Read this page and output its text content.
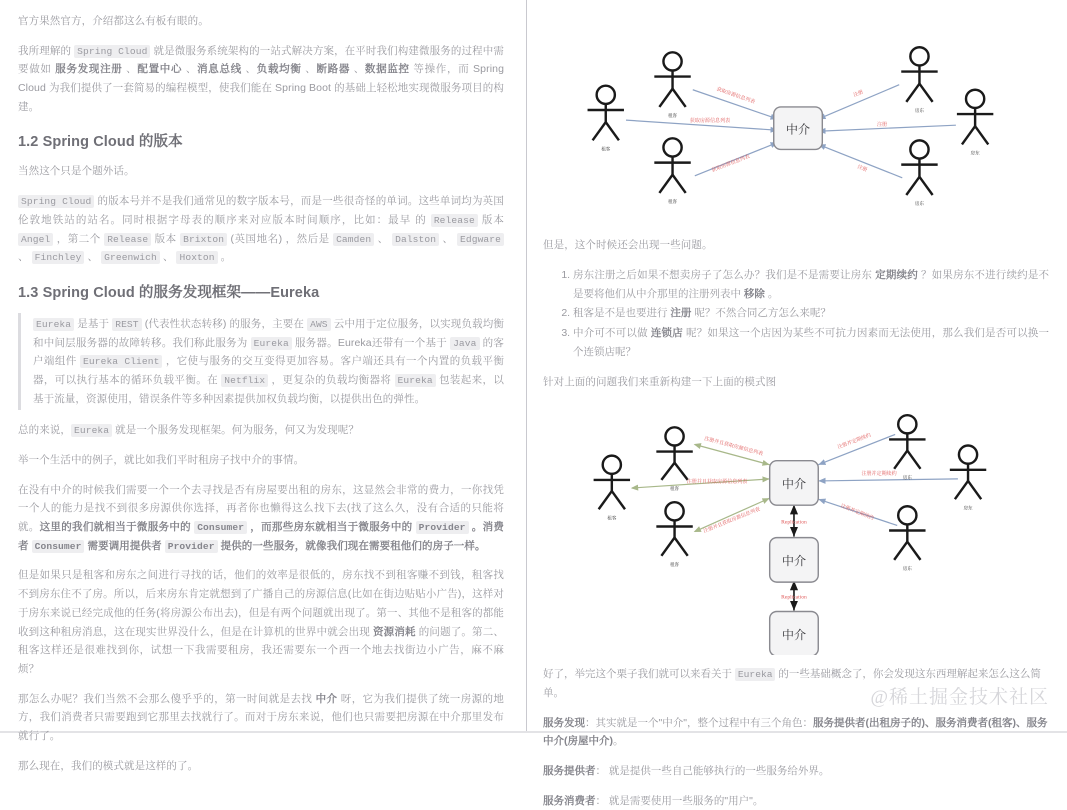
官方果然官方，介绍都这么有板有眼的。

我所理解的 Spring Cloud 就是微服务系统架构的一站式解决方案，在平时我们构建微服务的过程中需要做如 服务发现注册 、配置中心 、消息总线 、负载均衡 、断路器 、数据监控 等操作，而 Spring Cloud 为我们提供了一套简易的编程模型，使我们能在 Spring Boot 的基础上轻松地实现微服务项目的构建。

1.2 Spring Cloud 的版本

当然这个只是个题外话。

Spring Cloud 的版本号并不是我们通常见的数字版本号，而是一些很奇怪的单词。这些单词均为英国伦敦地铁站的站名。同时根据字母表的顺序来对应版本时间顺序，比如：最早 的 Release 版本 Angel ，第二个 Release 版本 Brixton (英国地名) ，然后是 Camden 、 Dalston 、 Edgware 、 Finchley 、 Greenwich 、 Hoxton 。

1.3 Spring Cloud 的服务发现框架——Eureka

Eureka 是基于 REST (代表性状态转移) 的服务，主要在 AWS 云中用于定位服务，以实现负载均衡和中间层服务器的故障转移。我们称此服务为 Eureka 服务器。Eureka还带有一个基于 Java 的客户端组件 Eureka Client ，它使与服务的交互变得更加容易。客户端还具有一个内置的负载平衡器，可以执行基本的循环负载平衡。在 Netflix ，更复杂的负载均衡器将 Eureka 包装起来，以基于流量，资源使用，错误条件等多种因素提供加权负载均衡，以提供出色的弹性。

总的来说， Eureka 就是一个服务发现框架。何为服务，何又为发现呢？

举一个生活中的例子，就比如我们平时租房子找中介的事情。

在没有中介的时候我们需要一个一个去寻找是否有房屋要出租的房东，这显然会非常的费力，一你找凭一个人的能力是找不到很多房源供你选择，再者你也懒得这么找下去(找了这么久，没有合适的只能将就。这里的我们就相当于微服务中的 Consumer ，而那些房东就相当于微服务中的 Provider 。消费者 Consumer 需要调用提供者 Provider 提供的一些服务，就像我们现在需要租他们的房子一样。

但是如果只是租客和房东之间进行寻找的话，他们的效率是很低的，房东找不到租客赚不到钱，租客找不到房东住不了房。所以，后来房东肯定就想到了广播自己的房源信息(比如在街边贴贴小广告)，这样对于房东来说已经完成他的任务(将房源公布出去)，但是有两个问题就出现了。第一、其他不是租客的都能收到这种租房消息，这在现实世界没什么，但是在计算机的世界中就会出现 资源消耗 的问题了。第二、租客这样还是很难找到你，试想一下我需要租房，我还需要东一个西一个地去找街边小广告，麻不麻烦？

那怎么办呢？我们当然不会那么傻乎乎的，第一时间就是去找 中介 呀，它为我们提供了统一房源的地方，我们消费者只需要跑到它那里去找就行了。而对于房东来说，他们也只需要把房源在中介那里发布就行了。

那么现在，我们的模式就是这样的了。

中介
租客
租客
租客
房东
房东
房东
获取房源信息列表
获取房源信息列表
获取房源信息列表
注册
注册
注册

但是，这个时候还会出现一些问题。

1. 房东注册之后如果不想卖房子了怎么办？我们是不是需要让房东 定期续约 ？如果房东不进行续约是不是要将他们从中介那里的注册列表中 移除 。
2. 租客是不是也要进行 注册 呢？不然合同乙方怎么来呢？
3. 中介可不可以做 连锁店 呢？如果这一个店因为某些不可抗力因素而无法使用，那么我们是否可以换一个连锁店呢？

针对上面的问题我们来重新构建一下上面的模式图

中介
中介
中介
租客
租客
租客
房东
房东
房东
注册并且获取房源信息列表
注册并且获取房源信息列表
注册并且获取房源信息列表
注册并定期续约
注册并定期续约
注册并定期续约
Replication
Replication

好了，举完这个栗子我们就可以来看关于 Eureka 的一些基础概念了，你会发现这东西理解起来怎么这么简单。

服务发现：其实就是一个"中介"，整个过程中有三个角色：服务提供者(出租房子的)、服务消费者(租客)、服务中介(房屋中介)。

服务提供者： 就是提供一些自己能够执行的一些服务给外界。

服务消费者： 就是需要使用一些服务的"用户"。

@稀土掘金技术社区
